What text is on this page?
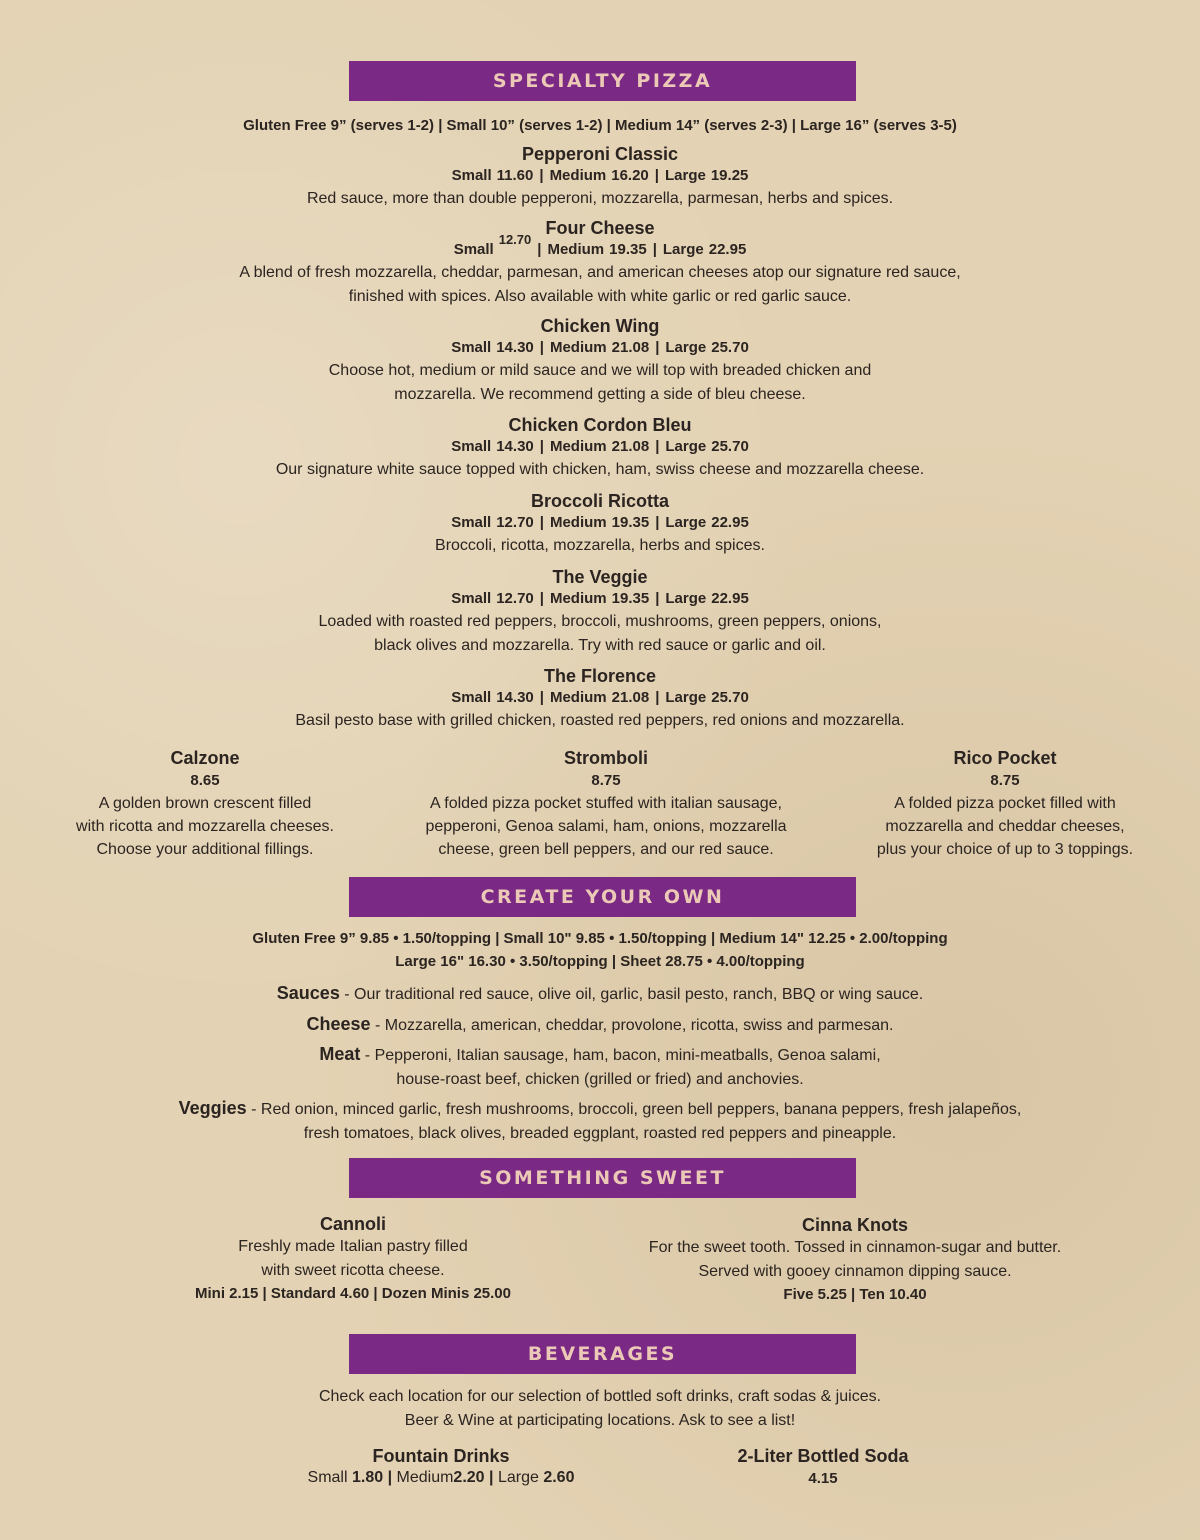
SPECIALTY PIZZA
Gluten Free 9” (serves 1-2) | Small 10” (serves 1-2) | Medium 14” (serves 2-3) | Large 16” (serves 3-5)
Pepperoni Classic
Small 11.60 | Medium 16.20 | Large 19.25
Red sauce, more than double pepperoni, mozzarella, parmesan, herbs and spices.
Four Cheese
Small12.70| Medium 19.35 | Large 22.95
A blend of fresh mozzarella, cheddar, parmesan, and american cheeses atop our signature red sauce,
finished with spices. Also available with white garlic or red garlic sauce.
Chicken Wing
Small 14.30 | Medium 21.08 | Large 25.70
Choose hot, medium or mild sauce and we will top with breaded chicken and
mozzarella. We recommend getting a side of bleu cheese.
Chicken Cordon Bleu
Small 14.30 | Medium 21.08 | Large 25.70
Our signature white sauce topped with chicken, ham, swiss cheese and mozzarella cheese.
Broccoli Ricotta
Small 12.70 | Medium 19.35 | Large 22.95
Broccoli, ricotta, mozzarella, herbs and spices.
The Veggie
Small 12.70 | Medium 19.35 | Large 22.95
Loaded with roasted red peppers, broccoli, mushrooms, green peppers, onions,
black olives and mozzarella. Try with red sauce or garlic and oil.
The Florence
Small 14.30 | Medium 21.08 | Large 25.70
Basil pesto base with grilled chicken, roasted red peppers, red onions and mozzarella.
Calzone
8.65
A golden brown crescent filled
with ricotta and mozzarella cheeses.
Choose your additional fillings.
Stromboli
8.75
A folded pizza pocket stuffed with italian sausage,
pepperoni, Genoa salami, ham, onions, mozzarella
cheese, green bell peppers, and our red sauce.
Rico Pocket
8.75
A folded pizza pocket filled with
mozzarella and cheddar cheeses,
plus your choice of up to 3 toppings.
CREATE YOUR OWN
Gluten Free 9” 9.85 • 1.50/topping | Small 10" 9.85 • 1.50/topping | Medium 14" 12.25 • 2.00/topping
Large 16" 16.30 • 3.50/topping | Sheet 28.75 • 4.00/topping
Sauces - Our traditional red sauce, olive oil, garlic, basil pesto, ranch, BBQ or wing sauce.
Cheese - Mozzarella, american, cheddar, provolone, ricotta, swiss and parmesan.
Meat - Pepperoni, Italian sausage, ham, bacon, mini-meatballs, Genoa salami,
house-roast beef, chicken (grilled or fried) and anchovies.
Veggies - Red onion, minced garlic, fresh mushrooms, broccoli, green bell peppers, banana peppers, fresh jalapeños,
fresh tomatoes, black olives, breaded eggplant, roasted red peppers and pineapple.
SOMETHING SWEET
Cannoli
Freshly made Italian pastry filled
with sweet ricotta cheese.
Mini 2.15 | Standard 4.60 | Dozen Minis 25.00
Cinna Knots
For the sweet tooth. Tossed in cinnamon-sugar and butter.
Served with gooey cinnamon dipping sauce.
Five 5.25 | Ten 10.40
BEVERAGES
Check each location for our selection of bottled soft drinks, craft sodas & juices.
Beer & Wine at participating locations. Ask to see a list!
Fountain Drinks
Small 1.80 | Medium2.20 | Large 2.60
2-Liter Bottled Soda
4.15
